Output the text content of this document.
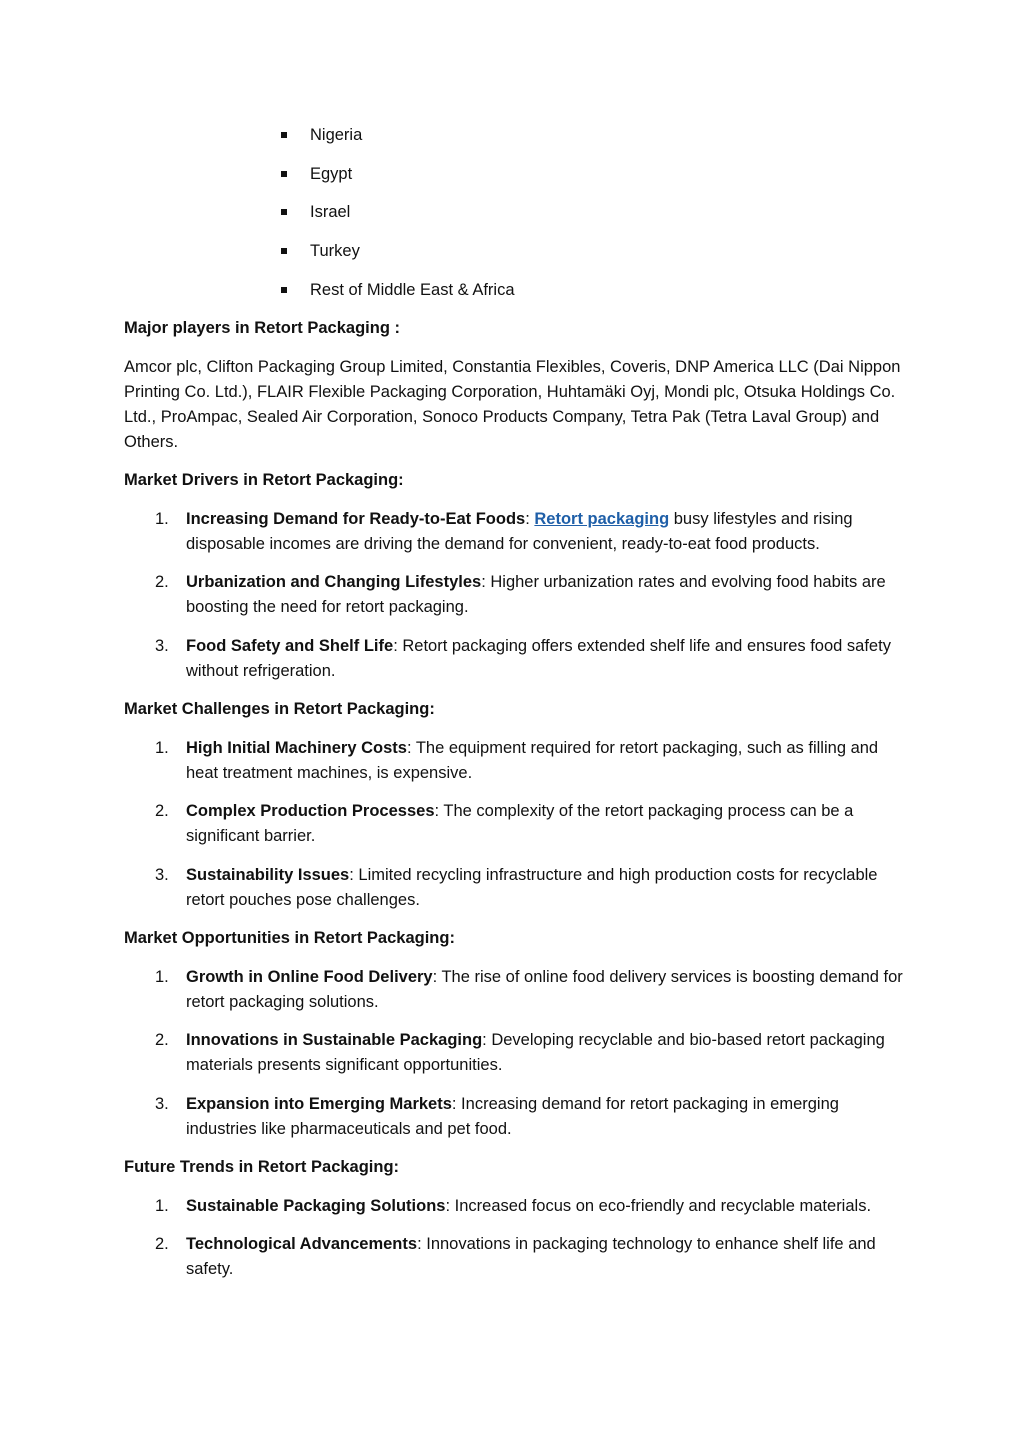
Nigeria
Egypt
Israel
Turkey
Rest of Middle East & Africa
Major players in Retort Packaging :
Amcor plc, Clifton Packaging Group Limited, Constantia Flexibles, Coveris, DNP America LLC (Dai Nippon Printing Co. Ltd.), FLAIR Flexible Packaging Corporation, Huhtamäki Oyj, Mondi plc, Otsuka Holdings Co. Ltd., ProAmpac, Sealed Air Corporation, Sonoco Products Company, Tetra Pak (Tetra Laval Group) and Others.
Market Drivers in Retort Packaging:
1. Increasing Demand for Ready-to-Eat Foods: Retort packaging busy lifestyles and rising disposable incomes are driving the demand for convenient, ready-to-eat food products.
2. Urbanization and Changing Lifestyles: Higher urbanization rates and evolving food habits are boosting the need for retort packaging.
3. Food Safety and Shelf Life: Retort packaging offers extended shelf life and ensures food safety without refrigeration.
Market Challenges in Retort Packaging:
1. High Initial Machinery Costs: The equipment required for retort packaging, such as filling and heat treatment machines, is expensive.
2. Complex Production Processes: The complexity of the retort packaging process can be a significant barrier.
3. Sustainability Issues: Limited recycling infrastructure and high production costs for recyclable retort pouches pose challenges.
Market Opportunities in Retort Packaging:
1. Growth in Online Food Delivery: The rise of online food delivery services is boosting demand for retort packaging solutions.
2. Innovations in Sustainable Packaging: Developing recyclable and bio-based retort packaging materials presents significant opportunities.
3. Expansion into Emerging Markets: Increasing demand for retort packaging in emerging industries like pharmaceuticals and pet food.
Future Trends in Retort Packaging:
1. Sustainable Packaging Solutions: Increased focus on eco-friendly and recyclable materials.
2. Technological Advancements: Innovations in packaging technology to enhance shelf life and safety.
